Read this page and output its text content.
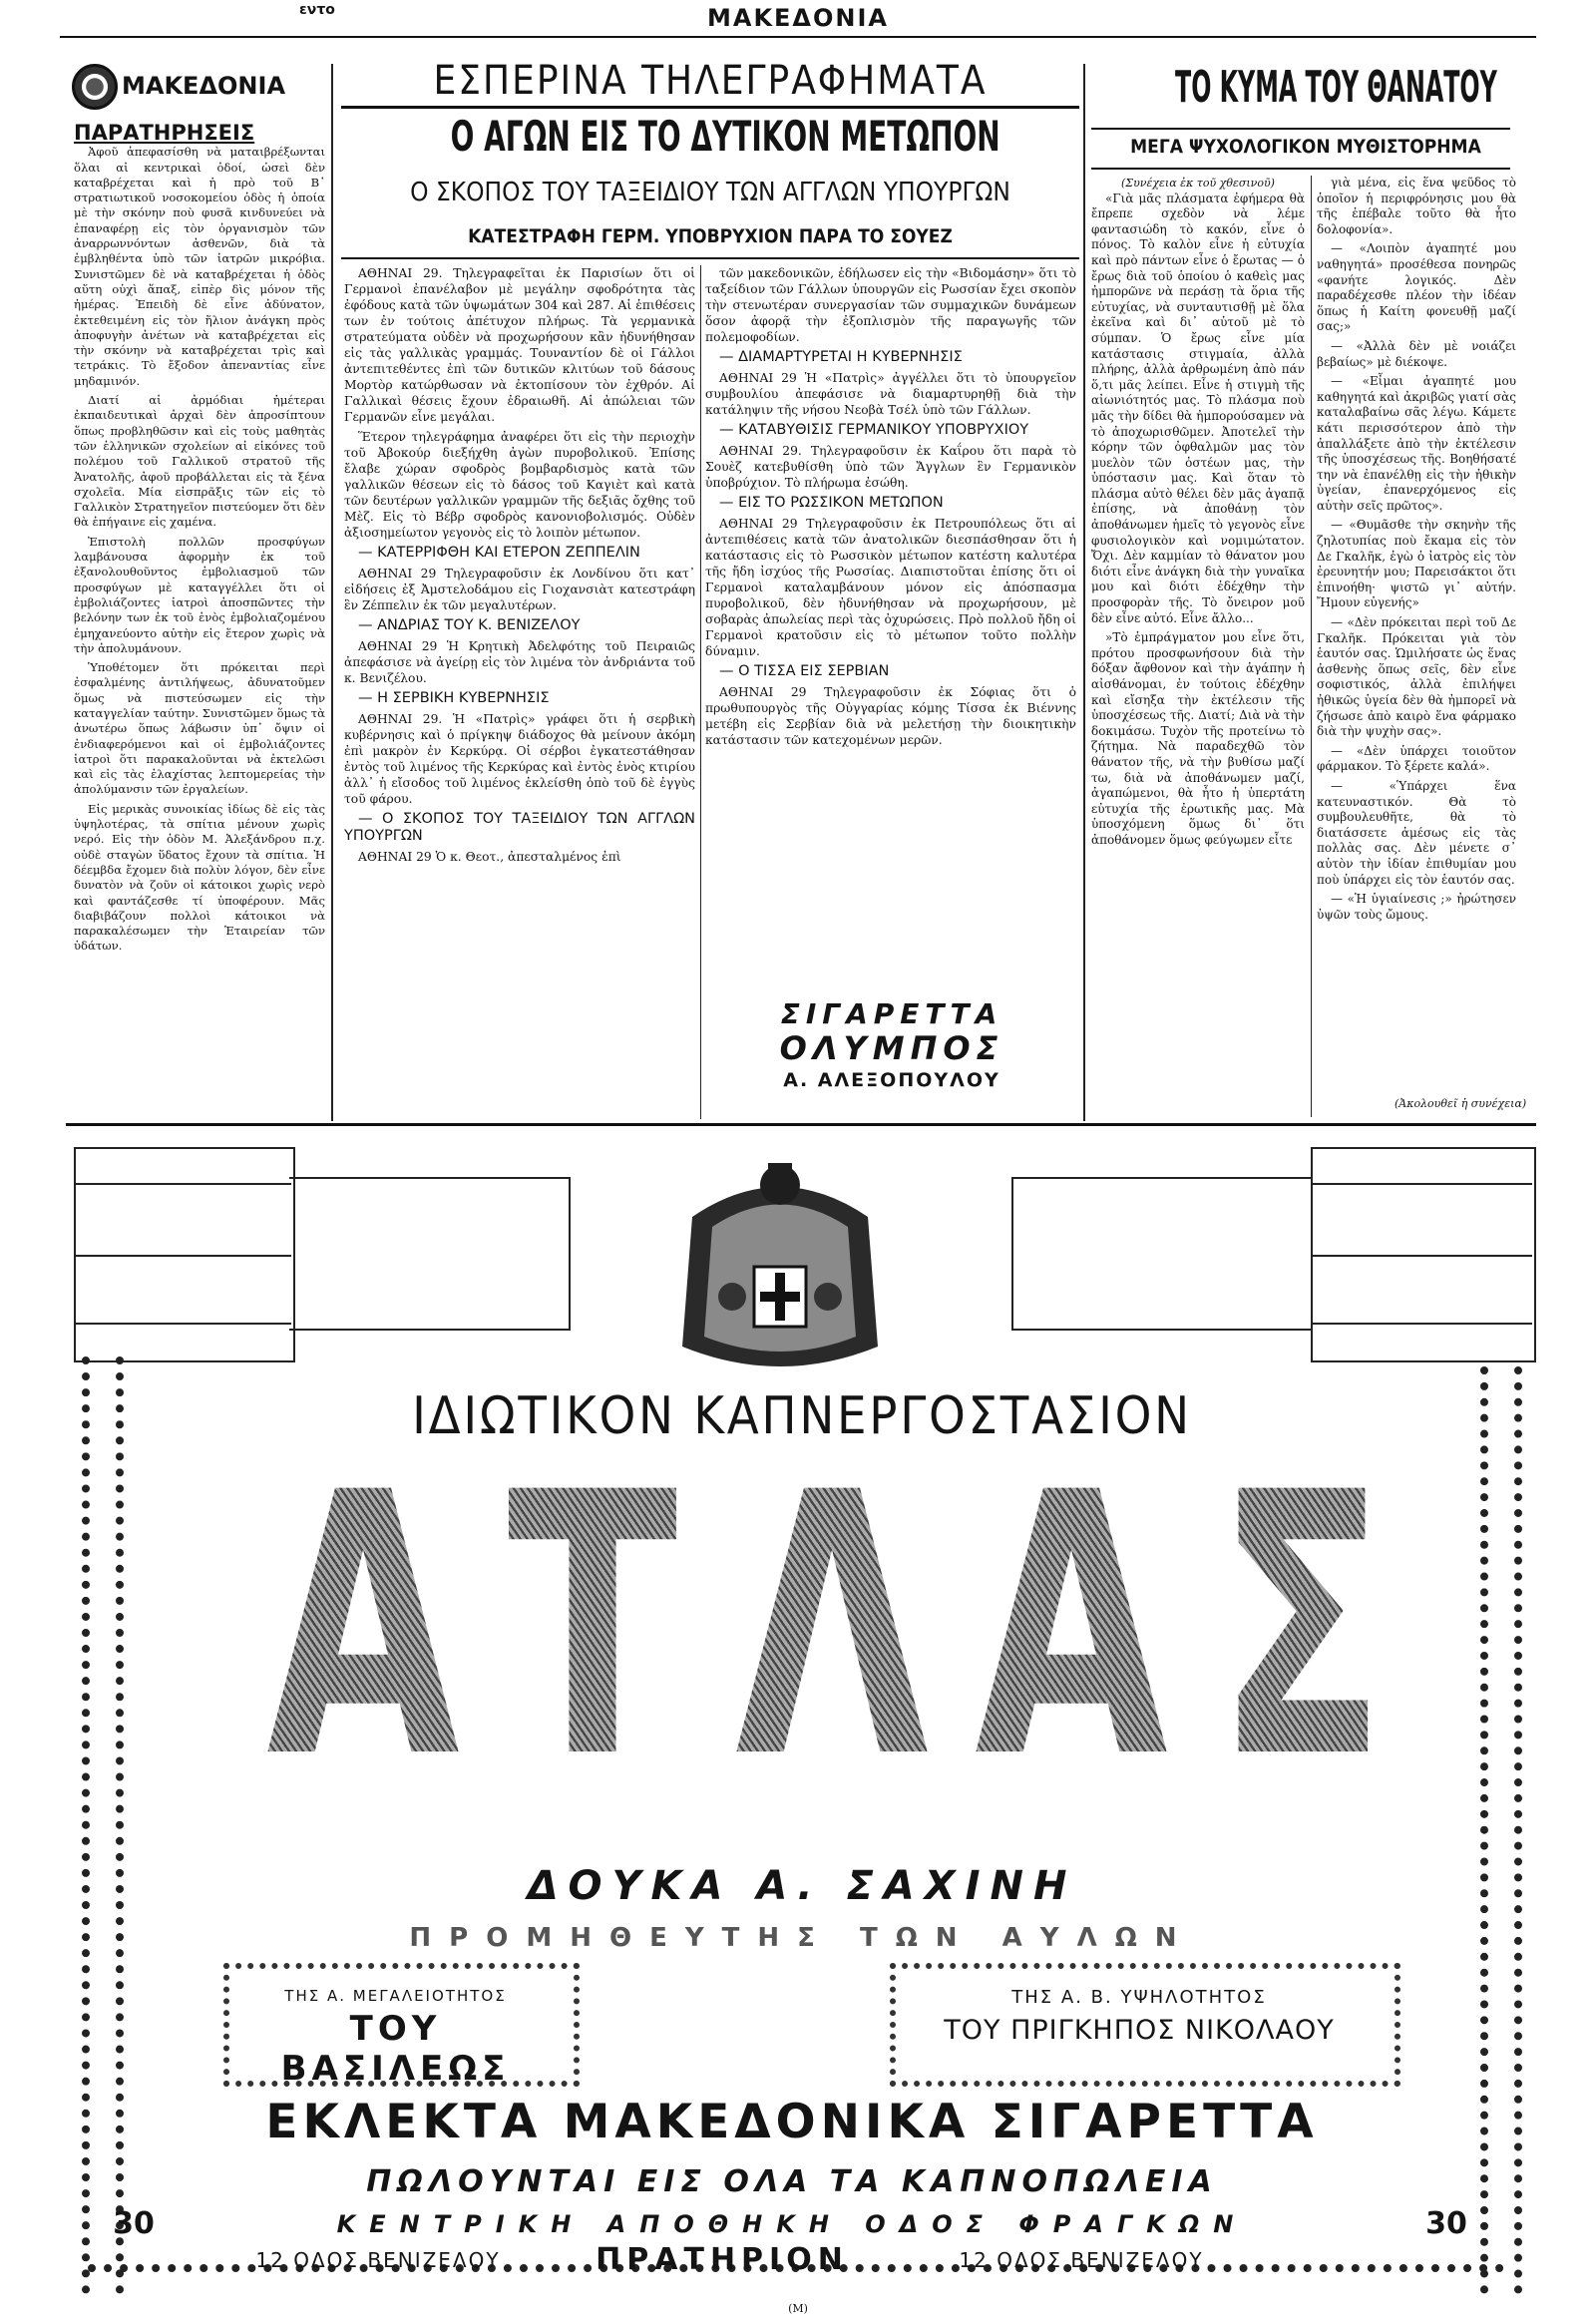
εντο	ΜΑΚΕΔΟΝΙΑ
ΜΑΚΕΔΟΝΙΑ
ΠΑΡΑΤΗΡΗΣΕΙΣ

Ἀφοῦ ἀπεφασίσθη νὰ ματαιβρέξωνται ὅλαι αἱ κεντρικαὶ ὁδοί, ὡσεὶ δὲν καταβρέχεται καὶ ἡ πρὸ τοῦ Β᾽ στρατιωτικοῦ νοσοκομείου ὁδὸς ἡ ὁποία μὲ τὴν σκόνην ποὺ φυσᾶ κινδυνεύει νὰ ἐπαναφέρῃ εἰς τὸν ὀργανισμὸν τῶν ἀναρρωννόντων ἀσθενῶν, διὰ τὰ ἐμβληθέντα ὑπὸ τῶν ἰατρῶν μικρόβια. Συνιστῶμεν δὲ νὰ καταβρέχεται ἡ ὁδὸς αὕτη οὐχὶ ἅπαξ, εἰπὲρ δὶς μόνον τῆς ἡμέρας. Ἐπειδὴ δὲ εἶνε ἀδύνατον, ἐκτεθειμένη εἰς τὸν ἥλιον ἀνάγκη πρὸς ἀποφυγὴν ἀνέτων νὰ καταβρέχεται εἰς τὴν σκόνην νὰ καταβρέχεται τρὶς καὶ τετράκις. Τὸ ἔξοδον ἀπεναντίας εἶνε μηδαμινόν.

Διατί αἱ ἀρμόδιαι ἡμέτεραι ἐκπαιδευτικαὶ ἀρχαὶ δὲν ἀπροσίπτουν ὅπως προβληθῶσιν καὶ εἰς τοὺς μαθητὰς τῶν ἑλληνικῶν σχολείων αἱ εἰκόνες τοῦ πολέμου τοῦ Γαλλικοῦ στρατοῦ τῆς Ἀνατολῆς, ἀφοῦ προβάλλεται εἰς τὰ ξένα σχολεῖα. Μία εἰσπρᾶξις τῶν εἰς τὸ Γαλλικὸν Στρατηγεῖον πιστεύομεν ὅτι δὲν θὰ ἐπήγαινε εἰς χαμένα.

Ἐπιστολὴ πολλῶν προσφύγων λαμβάνουσα ἀφορμὴν ἐκ τοῦ ἐξανολουθοῦντος ἐμβολιασμοῦ τῶν προσφύγων μὲ καταγγέλλει ὅτι οἱ ἐμβολιάζοντες ἰατροὶ ἀποσπῶντες τὴν βελόνην των ἐκ τοῦ ἑνὸς ἐμβολιαζομένου ἐμηχανεύοντο αὐτὴν εἰς ἕτερον χωρὶς νὰ τὴν ἀπολυμάνουν.

Ὑποθέτομεν ὅτι πρόκειται περὶ ἐσφαλμένης ἀντιλήψεως, ἀδυνατοῦμεν ὅμως νὰ πιστεύσωμεν εἰς τὴν καταγγελίαν ταύτην. Συνιστῶμεν ὅμως τὰ ἀνωτέρω ὅπως λάβωσιν ὑπ᾽ ὄψιν οἱ ἐνδιαφερόμενοι καὶ οἱ ἐμβολιάζοντες ἰατροὶ ὅτι παρακαλοῦνται νὰ ἐκτελῶσι καὶ εἰς τὰς ἐλαχίστας λεπτομερείας τὴν ἀπολύμανσιν τῶν ἐργαλείων.

Εἰς μερικὰς συνοικίας ἰδίως δὲ εἰς τὰς ὑψηλοτέρας, τὰ σπίτια μένουν χωρὶς νερό. Εἰς τὴν ὁδὸν Μ. Ἀλεξάνδρου π.χ. οὐδὲ σταγὼν ὕδατος ἔχουν τὰ σπίτια. Ἡ δέεμβδα ἔχομεν διὰ πολὺν λόγον, δὲν εἶνε δυνατὸν νὰ ζοῦν οἱ κάτοικοι χωρὶς νερὸ καὶ φαντάζεσθε τί ὑποφέρουν. Μᾶς διαβιβάζουν πολλοὶ κάτοικοι νὰ παρακαλέσωμεν τὴν Ἑταιρείαν τῶν ὑδάτων.

ΕΣΠΕΡΙΝΑ ΤΗΛΕΓΡΑΦΗΜΑΤΑ
Ο ΑΓΩΝ ΕΙΣ ΤΟ ΔΥΤΙΚΟΝ ΜΕΤΩΠΟΝ
Ο ΣΚΟΠΟΣ ΤΟΥ ΤΑΞΕΙΔΙΟΥ ΤΩΝ ΑΓΓΛΩΝ ΥΠΟΥΡΓΩΝ
ΚΑΤΕΣΤΡΑΦΗ ΓΕΡΜ. ΥΠΟΒΡΥΧΙΟΝ ΠΑΡΑ ΤΟ ΣΟΥΕΖ

ΑΘΗΝΑΙ 29. Τηλεγραφεῖται ἐκ Παρισίων ὅτι οἱ Γερμανοὶ ἐπανέλαβον μὲ μεγάλην σφοδρότητα τὰς ἐφόδους κατὰ τῶν ὑψωμάτων 304 καὶ 287. Αἱ ἐπιθέσεις των ἐν τούτοις ἀπέτυχον πλήρως. Τὰ γερμανικὰ στρατεύματα οὐδὲν νὰ προχωρήσουν κἂν ἠδυνήθησαν εἰς τὰς γαλλικὰς γραμμάς. Τουναντίον δὲ οἱ Γάλλοι ἀντεπιτεθέντες ἐπὶ τῶν δυτικῶν κλιτύων τοῦ δάσους Μορτὸρ κατώρθωσαν νὰ ἐκτοπίσουν τὸν ἐχθρόν. Αἱ Γαλλικαὶ θέσεις ἔχουν ἐδραιωθῆ. Αἱ ἀπώλειαι τῶν Γερμανῶν εἶνε μεγάλαι.

Ἕτερον τηλεγράφημα ἀναφέρει ὅτι εἰς τὴν περιοχὴν τοῦ Ἀβοκούρ διεξήχθη ἀγὼν πυροβολικοῦ. Ἐπίσης ἔλαβε χώραν σφοδρὸς βομβαρδισμὸς κατὰ τῶν γαλλικῶν θέσεων εἰς τὸ δάσος τοῦ Καγιὲτ καὶ κατὰ τῶν δευτέρων γαλλικῶν γραμμῶν τῆς δεξιᾶς ὄχθης τοῦ Μὲζ. Εἰς τὸ Βέβρ σφοδρὸς κανονιοβολισμός. Οὐδὲν ἀξιοσημείωτον γεγονὸς εἰς τὸ λοιπὸν μέτωπον.

— ΚΑΤΕΡΡΙΦΘΗ ΚΑΙ ΕΤΕΡΟΝ ΖΕΠΠΕΛΙΝ

ΑΘΗΝΑΙ 29 Τηλεγραφοῦσιν ἐκ Λονδίνου ὅτι κατ᾽ εἰδήσεις ἐξ Ἀμστελοδάμου εἰς Γιοχανσιὰτ κατεστράφη ἓν Ζέππελιν ἐκ τῶν μεγαλυτέρων.

— ΑΝΔΡΙΑΣ ΤΟΥ Κ. ΒΕΝΙΖΕΛΟΥ

ΑΘΗΝΑΙ 29 Ἡ Κρητικὴ Ἀδελφότης τοῦ Πειραιῶς ἀπεφάσισε νὰ ἀγείρῃ εἰς τὸν λιμένα τὸν ἀνδριάντα τοῦ κ. Βενιζέλου.

— Η ΣΕΡΒΙΚΗ ΚΥΒΕΡΝΗΣΙΣ

ΑΘΗΝΑΙ 29. Ἡ «Πατρὶς» γράφει ὅτι ἡ σερβικὴ κυβέρνησις καὶ ὁ πρίγκηψ διάδοχος θὰ μείνουν ἀκόμη ἐπὶ μακρὸν ἐν Κερκύρᾳ. Οἱ σέρβοι ἐγκατεστάθησαν ἐντὸς τοῦ λιμένος τῆς Κερκύρας καὶ ἐντὸς ἑνὸς κτιρίου ἀλλ᾽ ἡ εἴσοδος τοῦ λιμένος ἐκλείσθη ὁπὸ τοῦ δὲ ἐγγὺς τοῦ φάρου.

— Ο ΣΚΟΠΟΣ ΤΟΥ ΤΑΞΕΙΔΙΟΥ ΤΩΝ ΑΓΓΛΩΝ ΥΠΟΥΡΓΩΝ

ΑΘΗΝΑΙ 29 Ὁ κ. Θεοτ., ἀπεσταλμένος ἐπὶ

τῶν μακεδονικῶν, ἐδήλωσεν εἰς τὴν «Βιδομάσην» ὅτι τὸ ταξείδιον τῶν Γάλλων ὑπουργῶν εἰς Ρωσσίαν ἔχει σκοπὸν τὴν στενωτέραν συνεργασίαν τῶν συμμαχικῶν δυνάμεων ὅσον ἀφορᾷ τὴν ἐξοπλισμὸν τῆς παραγωγῆς τῶν πολεμοφοδίων.

— ΔΙΑΜΑΡΤΥΡΕΤΑΙ Η ΚΥΒΕΡΝΗΣΙΣ

ΑΘΗΝΑΙ 29 Ἡ «Πατρὶς» ἀγγέλλει ὅτι τὸ ὑπουργεῖον συμβουλίου ἀπεφάσισε νὰ διαμαρτυρηθῇ διὰ τὴν κατάληψιν τῆς νήσου Νεοβὰ Τσέλ ὑπὸ τῶν Γάλλων.

— ΚΑΤΑΒΥΘΙΣΙΣ ΓΕΡΜΑΝΙΚΟΥ ΥΠΟΒΡΥΧΙΟΥ

ΑΘΗΝΑΙ 29. Τηλεγραφοῦσιν ἐκ Καΐρου ὅτι παρὰ τὸ Σουὲζ κατεβυθίσθη ὑπὸ τῶν Ἄγγλων ἓν Γερμανικὸν ὑποβρύχιον. Τὸ πλήρωμα ἐσώθη.

— ΕΙΣ ΤΟ ΡΩΣΣΙΚΟΝ ΜΕΤΩΠΟΝ

ΑΘΗΝΑΙ 29 Τηλεγραφοῦσιν ἐκ Πετρουπόλεως ὅτι αἱ ἀντεπιθέσεις κατὰ τῶν ἀνατολικῶν διεσπάσθησαν ὅτι ἡ κατάστασις εἰς τὸ Ρωσσικὸν μέτωπον κατέστη καλυτέρα τῆς ἤδη ἰσχύος τῆς Ρωσσίας. Διαπιστοῦται ἐπίσης ὅτι οἱ Γερμανοὶ καταλαμβάνουν μόνον εἰς ἀπόσπασμα πυροβολικοῦ, δὲν ἠδυνήθησαν νὰ προχωρήσουν, μὲ σοβαρὰς ἀπωλείας περὶ τὰς ὀχυρώσεις. Πρὸ πολλοῦ ἤδη οἱ Γερμανοὶ κρατοῦσιν εἰς τὸ μέτωπον τοῦτο πολλὴν δύναμιν.

— Ο ΤΙΣΣΑ ΕΙΣ ΣΕΡΒΙΑΝ

ΑΘΗΝΑΙ 29 Τηλεγραφοῦσιν ἐκ Σόφιας ὅτι ὁ πρωθυπουργὸς τῆς Οὐγγαρίας κόμης Τίσσα ἐκ Βιέννης μετέβη εἰς Σερβίαν διὰ νὰ μελετήσῃ τὴν διοικητικὴν κατάστασιν τῶν κατεχομένων μερῶν.

ΣΙΓΑΡΕΤΤΑ
ΟΛΥΜΠΟΣ
Α. ΑΛΕΞΟΠΟΥΛΟΥ
ΤΟ ΚΥΜΑ ΤΟΥ ΘΑΝΑΤΟΥ
ΜΕΓΑ ΨΥΧΟΛΟΓΙΚΟΝ ΜΥΘΙΣΤΟΡΗΜΑ
(Συνέχεια ἐκ τοῦ χθεσινοῦ)

«Γιὰ μᾶς πλάσματα ἐφήμερα θὰ ἔπρεπε σχεδὸν νὰ λέμε φαντασιώδη τὸ κακόν, εἶνε ὁ πόνος. Τὸ καλὸν εἶνε ἡ εὐτυχία καὶ πρὸ πάντων εἶνε ὁ ἔρωτας — ὁ ἔρως διὰ τοῦ ὁποίου ὁ καθεὶς μας ἠμπορῶνε νὰ περάσῃ τὰ ὅρια τῆς εὐτυχίας, νὰ συνταυτισθῇ μὲ ὅλα ἐκεῖνα καὶ δι᾽ αὐτοῦ μὲ τὸ σύμπαν. Ὁ ἔρως εἶνε μία κατάστασις στιγμαία, ἀλλὰ πλήρης, ἀλλὰ ἀρθρωμένη ἀπὸ πάν ὅ,τι μᾶς λείπει. Εἶνε ἡ στιγμὴ τῆς αἰωνιότητός μας. Τὸ πλάσμα ποὺ μᾶς τὴν δίδει θὰ ἠμπορούσαμεν νὰ τὸ ἀποχωρισθῶμεν. Ἀποτελεῖ τὴν κόρην τῶν ὀφθαλμῶν μας τὸν μυελὸν τῶν ὀστέων μας, τὴν ὑπόστασιν μας. Καὶ ὅταν τὸ πλάσμα αὐτὸ θέλει δὲν μᾶς ἀγαπᾷ ἐπίσης, νὰ ἀποθάνῃ τὸν ἀποθάνωμεν ἡμεῖς τὸ γεγονὸς εἶνε φυσιολογικὸν καὶ νομιμώτατον. Ὄχι. Δὲν καμμίαν τὸ θάνατον μου διότι εἶνε ἀνάγκη διὰ τὴν γυναῖκα μου καὶ διότι ἐδέχθην τὴν προσφορὰν τῆς. Τὸ ὄνειρον μοῦ δὲν εἶνε αὐτό. Εἶνε ἄλλο...

»Τὸ ἐμπράγματον μου εἶνε ὅτι, πρότου προσφωνήσουν διὰ τὴν δόξαν ἄφθονον καὶ τὴν ἀγάπην ἡ αἰσθάνομαι, ἐν τούτοις ἐδέχθην καὶ εἴσηξα τὴν ἐκτέλεσιν τῆς ὑποσχέσεως τῆς. Διατί; Διὰ νὰ τὴν δοκιμάσω. Τυχὸν τῆς προτείνω τὸ ζήτημα. Νὰ παραδεχθῶ τὸν θάνατον τῆς, νὰ τὴν βυθίσω μαζί τω, διὰ νὰ ἀποθάνωμεν μαζί, ἀγαπώμενοι, θὰ ἦτο ἡ ὑπερτάτη εὐτυχία τῆς ἐρωτικῆς μας. Μὰ ὑποσχόμενη ὅμως δι᾽ ὅτι ἀποθάνομεν ὅμως φεύγωμεν εἶτε

γιὰ μένα, εἰς ἕνα ψεῦδος τὸ ὁποῖον ἡ περιφρόνησις μου θὰ τῆς ἐπέβαλε τοῦτο θὰ ἦτο δολοφονία».

— «Λοιπὸν ἀγαπητέ μου ναθηγητά» προσέθεσα πονηρῶς «φανήτε λογικός. Δὲν παραδέχεσθε πλέον τὴν ἰδέαν ὅπως ἡ Καίτη φονευθῇ μαζί σας;»

— «Ἀλλὰ δὲν μὲ νοιάζει βεβαίως» μὲ διέκοψε.

— «Εἶμαι ἀγαπητέ μου καθηγητά καὶ ἀκριβῶς γιατί σὰς καταλαβαίνω σᾶς λέγω. Κάμετε κάτι περισσότερον ἀπὸ τὴν ἀπαλλάξετε ἀπὸ τὴν ἐκτέλεσιν τῆς ὑποσχέσεως τῆς. Βοηθήσατέ την νὰ ἐπανέλθῃ εἰς τὴν ἠθικὴν ὑγείαν, ἐπανερχόμενος εἰς αὐτὴν σεῖς πρῶτος».

— «Θυμᾶσθε τὴν σκηνὴν τῆς ζηλοτυπίας ποὺ ἔκαμα εἰς τὸν Δε Γκαλῆκ, ἐγὼ ὁ ἰατρὸς εἰς τὸν ἐρευνητήν μου; Παρεισάκτοι ὅτι ἐπινοήθη· ψιστῶ γι᾽ αὐτήν. Ἤμουν εὐγενής»

— «Δὲν πρόκειται περὶ τοῦ Δε Γκαλῆκ. Πρόκειται γιὰ τὸν ἑαυτόν σας. Ὡμιλήσατε ὡς ἕνας ἀσθενὴς ὅπως σεῖς, δὲν εἶνε σοφιστικός, ἀλλὰ ἐπιλήψει ἠθικῶς ὑγεία δὲν θὰ ἠμπορεῖ νὰ ζήσωσε ἀπὸ καιρὸ ἕνα φάρμακο διὰ τὴν ψυχὴν σας».

— «Δὲν ὑπάρχει τοιοῦτον φάρμακον. Τὸ ξέρετε καλά».

— «Ὑπάρχει ἕνα κατευναστικόν. Θὰ τὸ συμβουλευθῆτε, θὰ τὸ διατάσσετε ἀμέσως εἰς τὰς πολλὰς σας. Δὲν μένετε σ᾽ αὐτὸν τὴν ἰδίαν ἐπιθυμίαν μου ποὺ ὑπάρχει εἰς τὸν ἑαυτόν σας.

— «Ἡ ὑγιαίνεσις ;» ἠρώτησεν ὑψῶν τοὺς ὤμους.

(Ἀκολουθεῖ ἡ συνέχεια)
ΙΔΙΩΤΙΚΟΝ ΚΑΠΝΕΡΓΟΣΤΑΣΙΟΝ
Α Τ Λ Α Σ
ΔΟΥΚΑ Α. ΣΑΧΙΝΗ
ΠΡΟΜΗΘΕΥΤΗΣ ΤΩΝ ΑΥΛΩΝ
ΤΗΣ Α. ΜΕΓΑΛΕΙΟΤΗΤΟΣ
ΤΟΥ ΒΑΣΙΛΕΩΣ
ΤΗΣ Α. Β. ΥΨΗΛΟΤΗΤΟΣ
ΤΟΥ ΠΡΙΓΚΗΠΟΣ ΝΙΚΟΛΑΟΥ
ΕΚΛΕΚΤΑ ΜΑΚΕΔΟΝΙΚΑ ΣΙΓΑΡΕΤΤΑ
ΠΩΛΟΥΝΤΑΙ ΕΙΣ ΟΛΑ ΤΑ ΚΑΠΝΟΠΩΛΕΙΑ
30	ΚΕΝΤΡΙΚΗ ΑΠΟΘΗΚΗ ΟΔΟΣ ΦΡΑΓΚΩΝ	30
12 ΟΔΟΣ ΒΕΝΙΖΕΛΟΥ	ΠΡΑΤΗΡΙΟΝ	12 ΟΔΟΣ ΒΕΝΙΖΕΛΟΥ
(Μ)
